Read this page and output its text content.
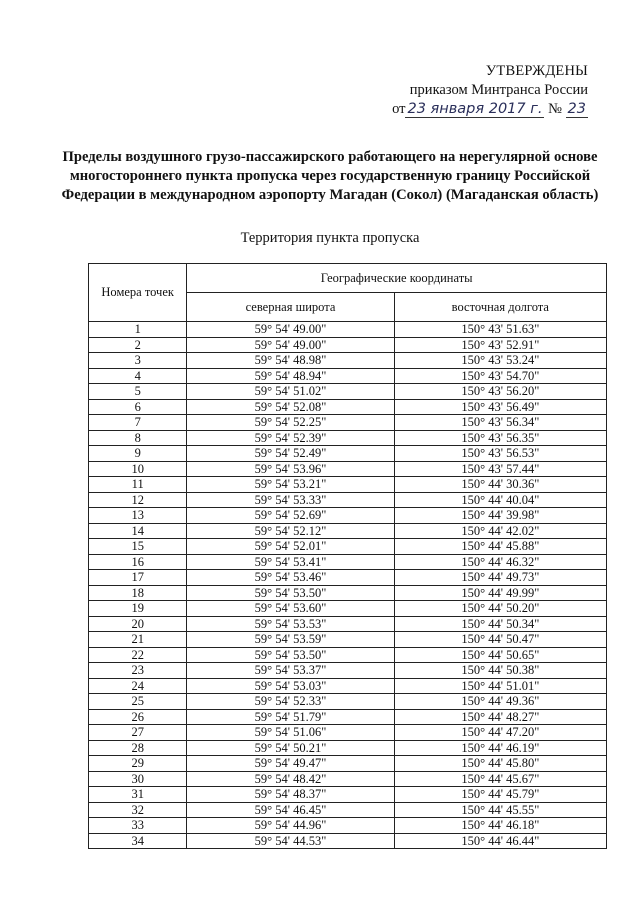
УТВЕРЖДЕНЫ
приказом Минтранса России
от 23 января 2017 г. № 23
Пределы воздушного грузо-пассажирского работающего на нерегулярной основе многостороннего пункта пропуска через государственную границу Российской Федерации в международном аэропорту Магадан (Сокол) (Магаданская область)
Территория пункта пропуска
Номера точек	Географические координаты	
	северная широта	восточная долгота
1	59° 54' 49.00"	150° 43' 51.63"
2	59° 54' 49.00"	150° 43' 52.91"
3	59° 54' 48.98"	150° 43' 53.24"
4	59° 54' 48.94"	150° 43' 54.70"
5	59° 54' 51.02"	150° 43' 56.20"
6	59° 54' 52.08"	150° 43' 56.49"
7	59° 54' 52.25"	150° 43' 56.34"
8	59° 54' 52.39"	150° 43' 56.35"
9	59° 54' 52.49"	150° 43' 56.53"
10	59° 54' 53.96"	150° 43' 57.44"
11	59° 54' 53.21"	150° 44' 30.36"
12	59° 54' 53.33"	150° 44' 40.04"
13	59° 54' 52.69"	150° 44' 39.98"
14	59° 54' 52.12"	150° 44' 42.02"
15	59° 54' 52.01"	150° 44' 45.88"
16	59° 54' 53.41"	150° 44' 46.32"
17	59° 54' 53.46"	150° 44' 49.73"
18	59° 54' 53.50"	150° 44' 49.99"
19	59° 54' 53.60"	150° 44' 50.20"
20	59° 54' 53.53"	150° 44' 50.34"
21	59° 54' 53.59"	150° 44' 50.47"
22	59° 54' 53.50"	150° 44' 50.65"
23	59° 54' 53.37"	150° 44' 50.38"
24	59° 54' 53.03"	150° 44' 51.01"
25	59° 54' 52.33"	150° 44' 49.36"
26	59° 54' 51.79"	150° 44' 48.27"
27	59° 54' 51.06"	150° 44' 47.20"
28	59° 54' 50.21"	150° 44' 46.19"
29	59° 54' 49.47"	150° 44' 45.80"
30	59° 54' 48.42"	150° 44' 45.67"
31	59° 54' 48.37"	150° 44' 45.79"
32	59° 54' 46.45"	150° 44' 45.55"
33	59° 54' 44.96"	150° 44' 46.18"
34	59° 54' 44.53"	150° 44' 46.44"
